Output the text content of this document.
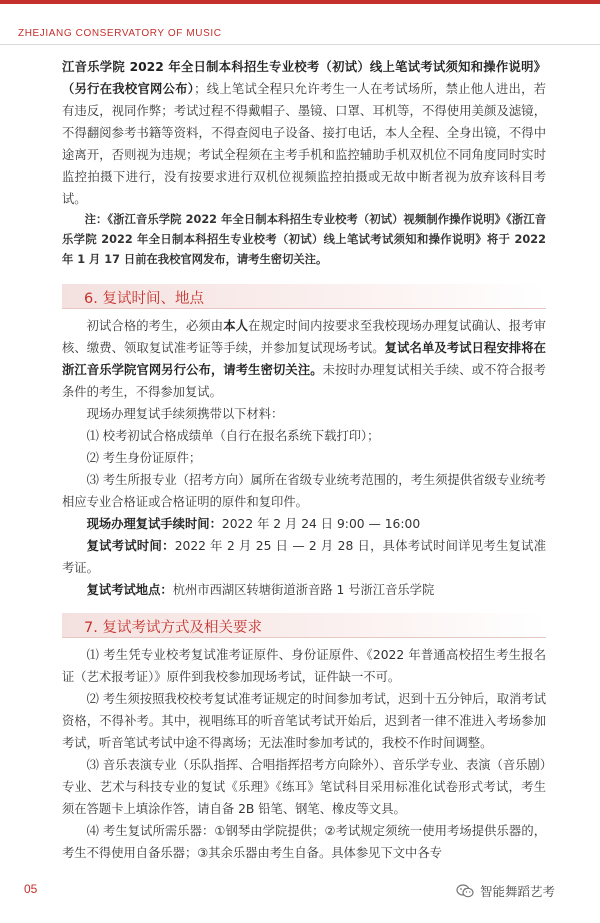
ZHEJIANG CONSERVATORY OF MUSIC

江音乐学院 2022 年全日制本科招生专业校考（初试）线上笔试考试须知和操作说明》（另行在我校官网公布）；线上笔试全程只允许考生一人在考试场所，禁止他人进出，若有违反，视同作弊；考试过程不得戴帽子、墨镜、口罩、耳机等，不得使用美颜及滤镜，不得翻阅参考书籍等资料，不得查阅电子设备、接打电话，本人全程、全身出镜，不得中途离开，否则视为违规；考试全程须在主考手机和监控辅助手机双机位不同角度同时实时监控拍摄下进行，没有按要求进行双机位视频监控拍摄或无故中断者视为放弃该科目考试。

注：《浙江音乐学院 2022 年全日制本科招生专业校考（初试）视频制作操作说明》《浙江音乐学院 2022 年全日制本科招生专业校考（初试）线上笔试考试须知和操作说明》将于 2022 年 1 月 17 日前在我校官网发布，请考生密切关注。

6. 复试时间、地点

初试合格的考生，必须由本人在规定时间内按要求至我校现场办理复试确认、报考审核、缴费、领取复试准考证等手续，并参加复试现场考试。复试名单及考试日程安排将在浙江音乐学院官网另行公布，请考生密切关注。未按时办理复试相关手续、或不符合报考条件的考生，不得参加复试。

现场办理复试手续须携带以下材料：

⑴ 校考初试合格成绩单（自行在报名系统下载打印）；

⑵ 考生身份证原件；

⑶ 考生所报专业（招考方向）属所在省级专业统考范围的，考生须提供省级专业统考相应专业合格证或合格证明的原件和复印件。

现场办理复试手续时间：2022 年 2 月 24 日 9:00 — 16:00

复试考试时间：2022 年 2 月 25 日 — 2 月 28 日，具体考试时间详见考生复试准考证。

复试考试地点：杭州市西湖区转塘街道浙音路 1 号浙江音乐学院

7. 复试考试方式及相关要求

⑴ 考生凭专业校考复试准考证原件、身份证原件、《2022 年普通高校招生考生报名证（艺术报考证）》原件到我校参加现场考试，证件缺一不可。

⑵ 考生须按照我校校考复试准考证规定的时间参加考试，迟到十五分钟后，取消考试资格，不得补考。其中，视唱练耳的听音笔试考试开始后，迟到者一律不准进入考场参加考试，听音笔试考试中途不得离场；无法准时参加考试的，我校不作时间调整。

⑶ 音乐表演专业（乐队指挥、合唱指挥招考方向除外）、音乐学专业、表演（音乐剧）专业、艺术与科技专业的复试《乐理》《练耳》笔试科目采用标准化试卷形式考试，考生须在答题卡上填涂作答，请自备 2B 铅笔、钢笔、橡皮等文具。

⑷ 考生复试所需乐器：①钢琴由学院提供；②考试规定须统一使用考场提供乐器的，考生不得使用自备乐器；③其余乐器由考生自备。具体参见下文中各专

05	智能舞蹈艺考
